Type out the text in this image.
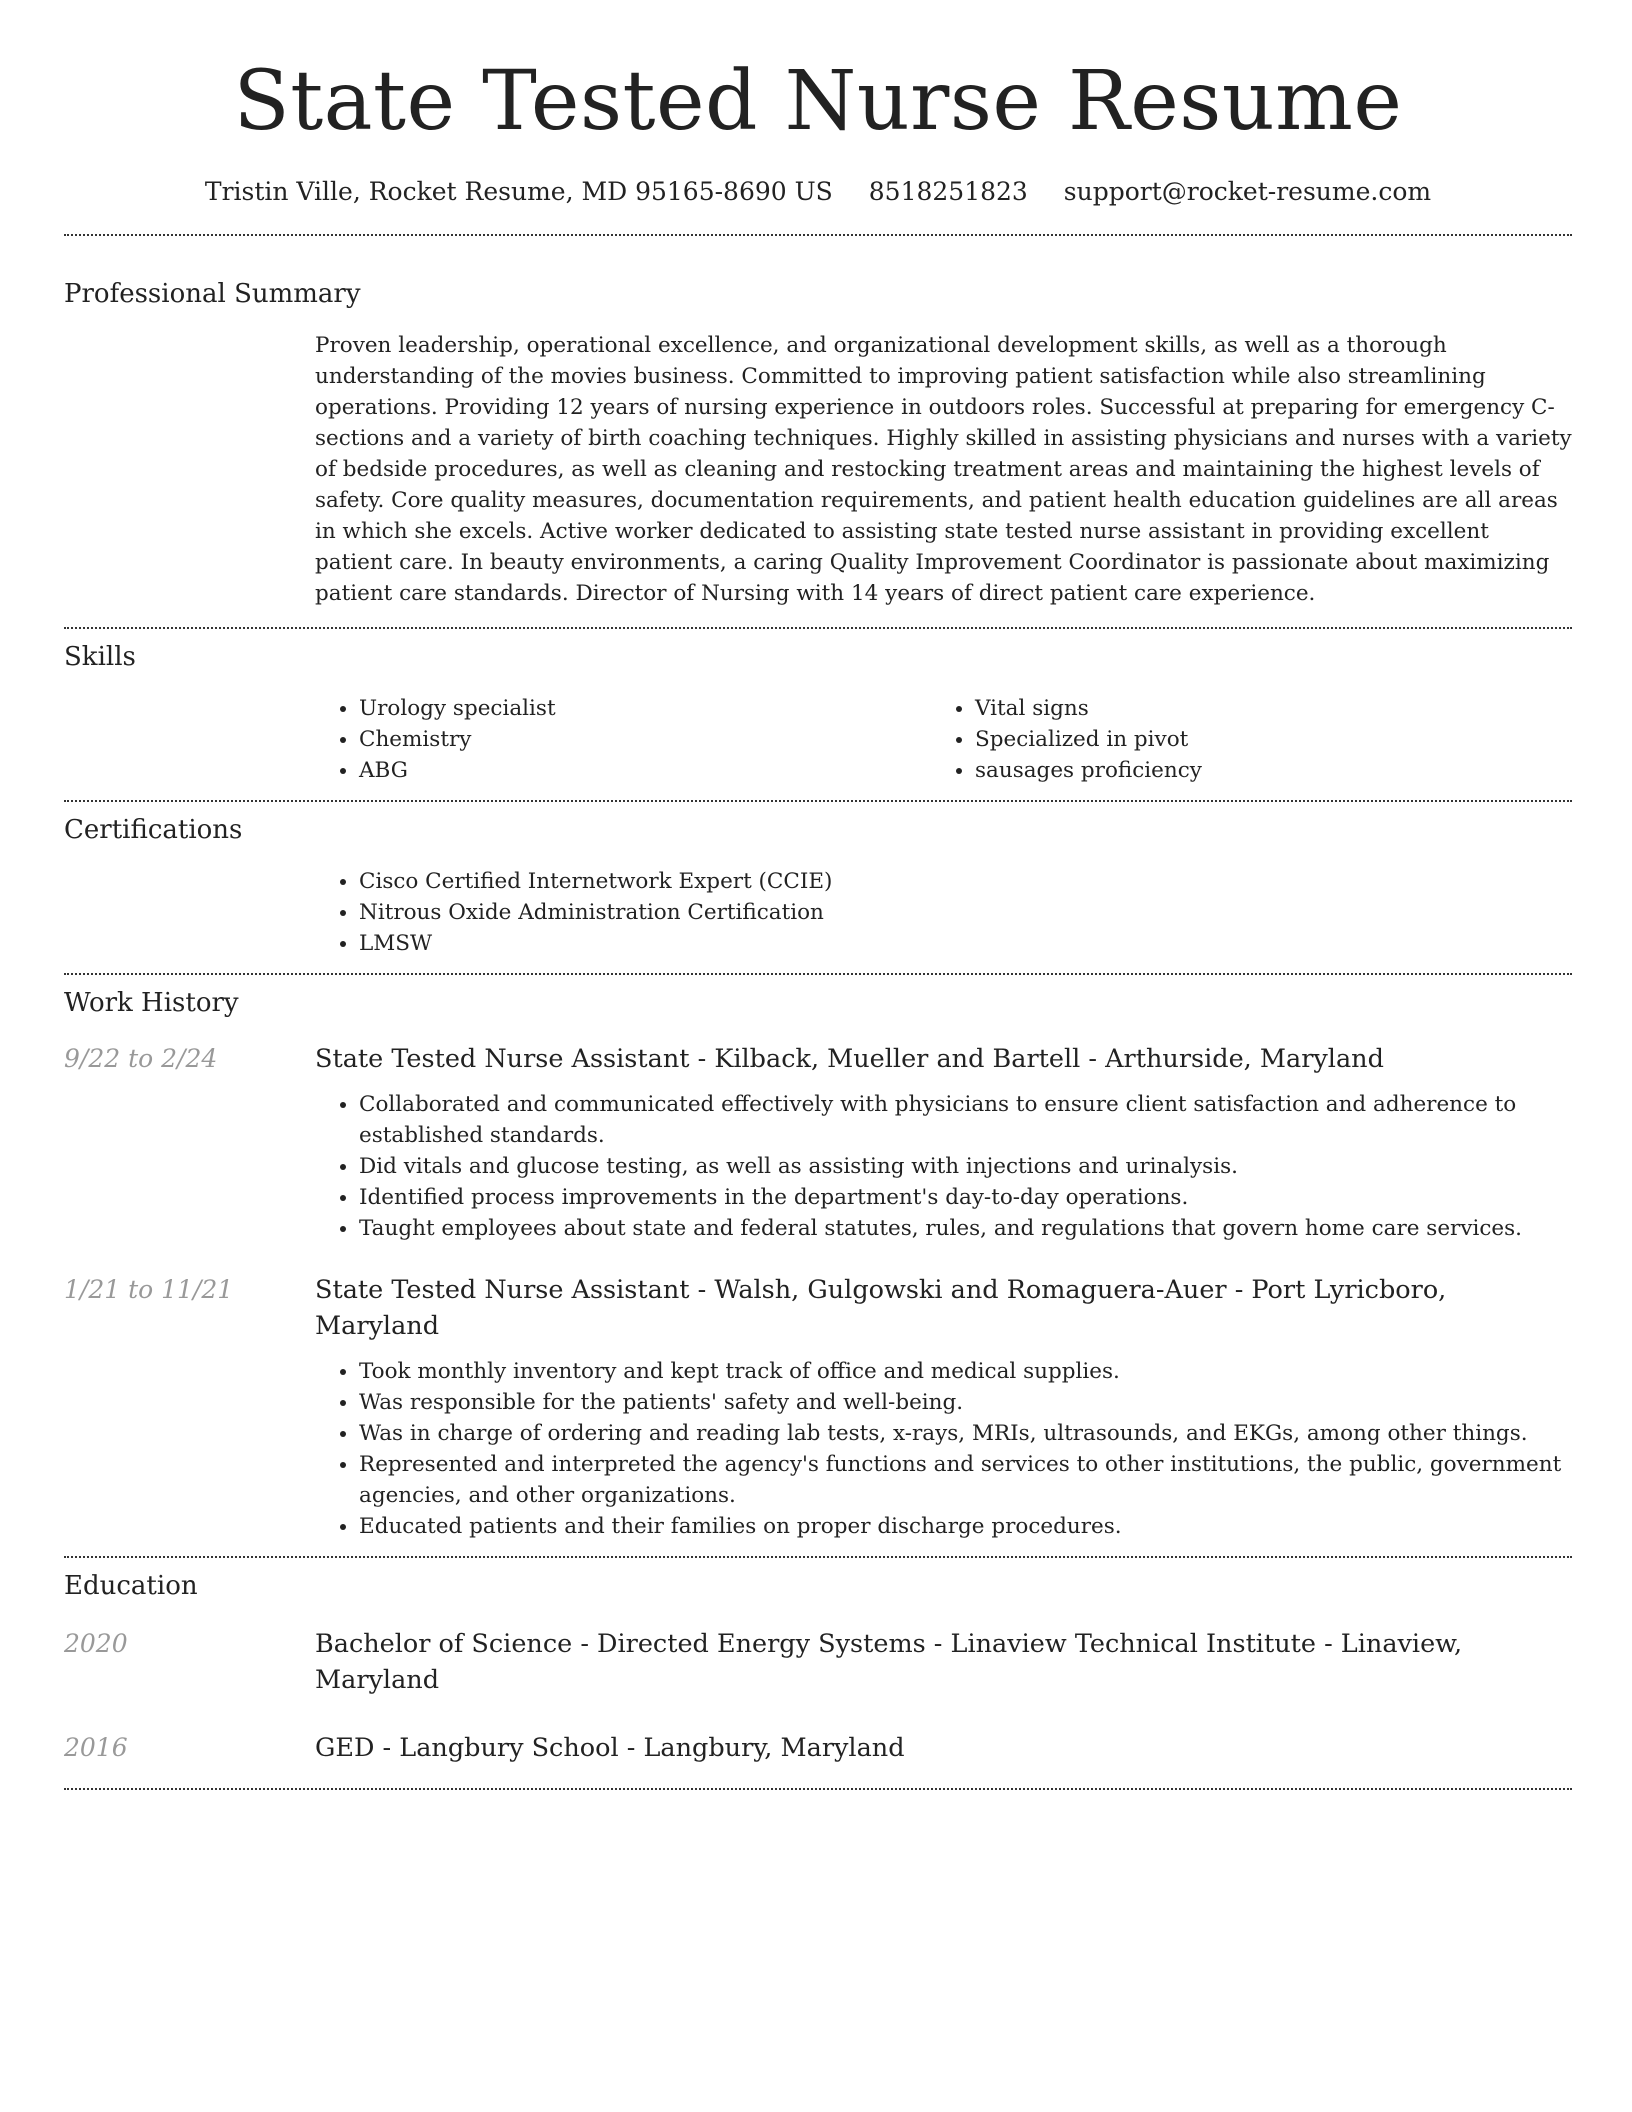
State Tested Nurse Resume
Tristin Ville, Rocket Resume, MD 95165-8690 US 8518251823 support@rocket-resume.com
Professional Summary

Proven leadership, operational excellence, and organizational development skills, as well as a thorough understanding of the movies business. Committed to improving patient satisfaction while also streamlining operations. Providing 12 years of nursing experience in outdoors roles. Successful at preparing for emergency C-sections and a variety of birth coaching techniques. Highly skilled in assisting physicians and nurses with a variety of bedside procedures, as well as cleaning and restocking treatment areas and maintaining the highest levels of safety. Core quality measures, documentation requirements, and patient health education guidelines are all areas in which she excels. Active worker dedicated to assisting state tested nurse assistant in providing excellent patient care. In beauty environments, a caring Quality Improvement Coordinator is passionate about maximizing patient care standards. Director of Nursing with 14 years of direct patient care experience.

Skills
• Urology specialist
• Chemistry
• ABG
• Vital signs
• Specialized in pivot
• sausages proficiency
Certifications
• Cisco Certified Internetwork Expert (CCIE)
• Nitrous Oxide Administration Certification
• LMSW
Work History
9/22 to 2/24	State Tested Nurse Assistant - Kilback, Mueller and Bartell - Arthurside, Maryland
• Collaborated and communicated effectively with physicians to ensure client satisfaction and adherence to established standards.
• Did vitals and glucose testing, as well as assisting with injections and urinalysis.
• Identified process improvements in the department's day-to-day operations.
• Taught employees about state and federal statutes, rules, and regulations that govern home care services.
1/21 to 11/21	State Tested Nurse Assistant - Walsh, Gulgowski and Romaguera-Auer - Port Lyricboro, Maryland
• Took monthly inventory and kept track of office and medical supplies.
• Was responsible for the patients' safety and well-being.
• Was in charge of ordering and reading lab tests, x-rays, MRIs, ultrasounds, and EKGs, among other things.
• Represented and interpreted the agency's functions and services to other institutions, the public, government agencies, and other organizations.
• Educated patients and their families on proper discharge procedures.
Education
2020	Bachelor of Science - Directed Energy Systems - Linaview Technical Institute - Linaview, Maryland
2016	GED - Langbury School - Langbury, Maryland
